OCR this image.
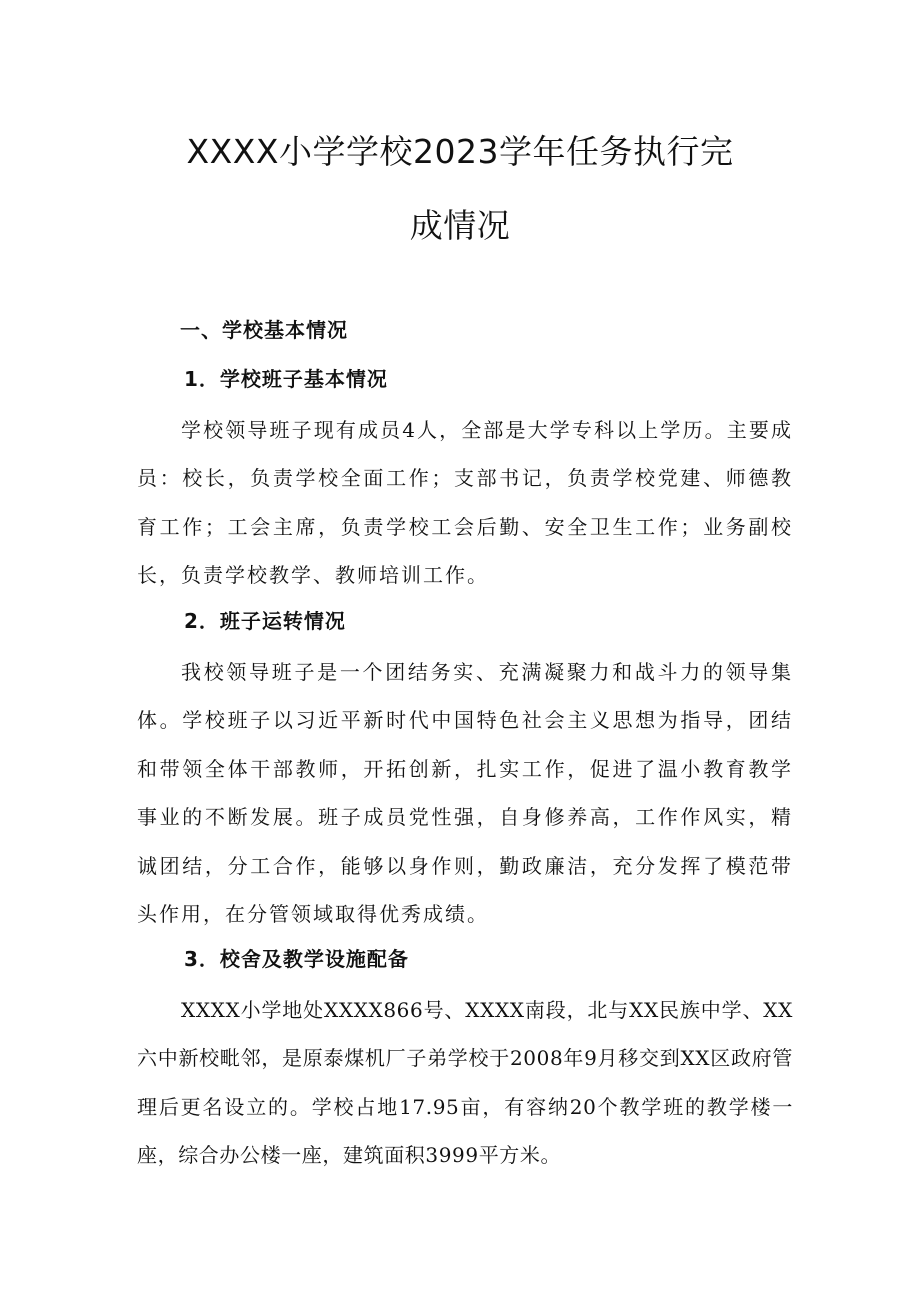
XXXX小学学校2023学年任务执行完
成情况
一、学校基本情况
1．学校班子基本情况

学校领导班子现有成员4人，全部是大学专科以上学历。主要成员：校长，负责学校全面工作；支部书记，负责学校党建、师德教育工作；工会主席，负责学校工会后勤、安全卫生工作；业务副校长，负责学校教学、教师培训工作。

2．班子运转情况

我校领导班子是一个团结务实、充满凝聚力和战斗力的领导集体。学校班子以习近平新时代中国特色社会主义思想为指导，团结和带领全体干部教师，开拓创新，扎实工作，促进了温小教育教学事业的不断发展。班子成员党性强，自身修养高，工作作风实，精诚团结，分工合作，能够以身作则，勤政廉洁，充分发挥了模范带头作用，在分管领域取得优秀成绩。

3．校舍及教学设施配备

XXXX小学地处XXXX866号、XXXX南段，北与XX民族中学、XX六中新校毗邻，是原泰煤机厂子弟学校于2008年9月移交到XX区政府管理后更名设立的。学校占地17.95亩，有容纳20个教学班的教学楼一座，综合办公楼一座，建筑面积3999平方米。
